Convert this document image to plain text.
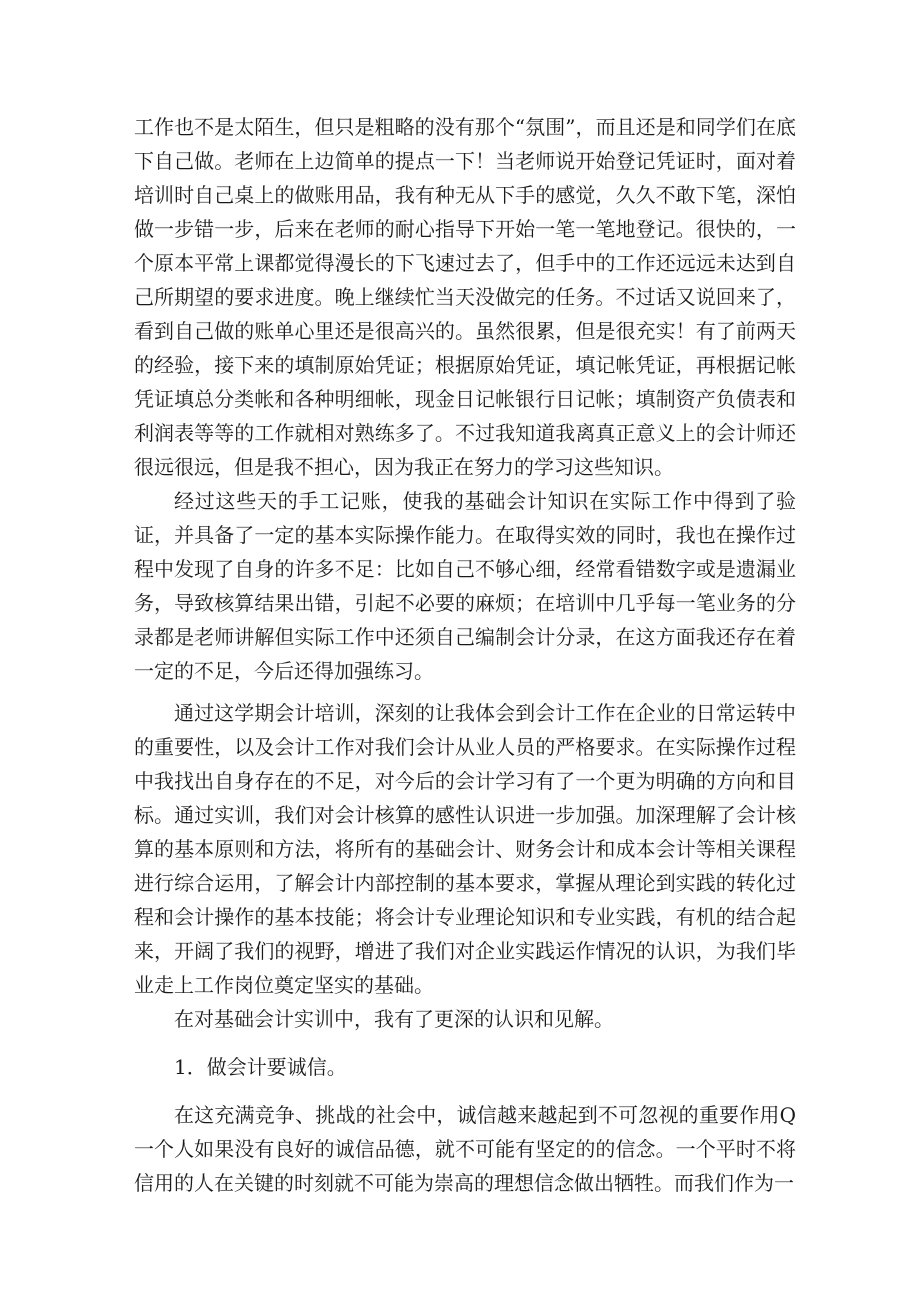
工作也不是太陌生，但只是粗略的没有那个“氛围”，而且还是和同学们在底下自己做。老师在上边简单的提点一下！当老师说开始登记凭证时，面对着培训时自己桌上的做账用品，我有种无从下手的感觉，久久不敢下笔，深怕做一步错一步，后来在老师的耐心指导下开始一笔一笔地登记。很快的，一个原本平常上课都觉得漫长的下飞速过去了，但手中的工作还远远未达到自己所期望的要求进度。晚上继续忙当天没做完的任务。不过话又说回来了，看到自己做的账单心里还是很高兴的。虽然很累，但是很充实！有了前两天的经验，接下来的填制原始凭证；根据原始凭证，填记帐凭证，再根据记帐凭证填总分类帐和各种明细帐，现金日记帐银行日记帐；填制资产负债表和利润表等等的工作就相对熟练多了。不过我知道我离真正意义上的会计师还很远很远，但是我不担心，因为我正在努力的学习这些知识。

经过这些天的手工记账，使我的基础会计知识在实际工作中得到了验证，并具备了一定的基本实际操作能力。在取得实效的同时，我也在操作过程中发现了自身的许多不足：比如自己不够心细，经常看错数字或是遗漏业务，导致核算结果出错，引起不必要的麻烦；在培训中几乎每一笔业务的分录都是老师讲解但实际工作中还须自己编制会计分录，在这方面我还存在着一定的不足，今后还得加强练习。

通过这学期会计培训，深刻的让我体会到会计工作在企业的日常运转中的重要性，以及会计工作对我们会计从业人员的严格要求。在实际操作过程中我找出自身存在的不足，对今后的会计学习有了一个更为明确的方向和目标。通过实训，我们对会计核算的感性认识进一步加强。加深理解了会计核算的基本原则和方法，将所有的基础会计、财务会计和成本会计等相关课程进行综合运用，了解会计内部控制的基本要求，掌握从理论到实践的转化过程和会计操作的基本技能；将会计专业理论知识和专业实践，有机的结合起来，开阔了我们的视野，增进了我们对企业实践运作情况的认识，为我们毕业走上工作岗位奠定坚实的基础。

在对基础会计实训中，我有了更深的认识和见解。

1．做会计要诚信。

在这充满竞争、挑战的社会中，诚信越来越起到不可忽视的重要作用Q一个人如果没有良好的诚信品德，就不可能有坚定的的信念。一个平时不将信用的人在关键的时刻就不可能为崇高的理想信念做出牺牲。而我们作为一
